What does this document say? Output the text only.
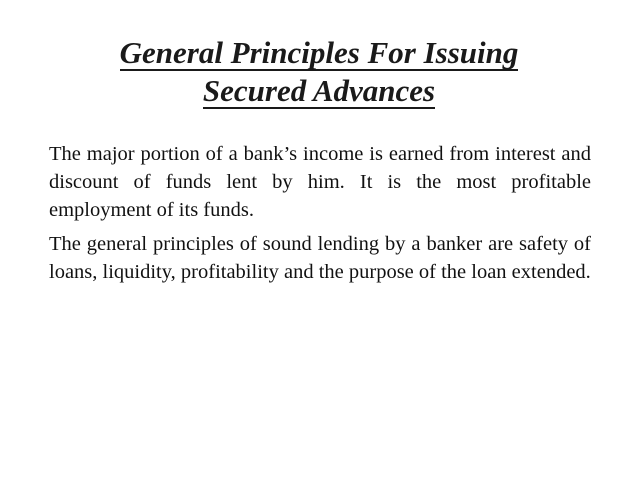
General Principles For Issuing
Secured Advances

The major portion of a bank’s income is earned from interest and discount of funds lent by him. It is the most profitable employment of its funds.

The general principles of sound lending by a banker are safety of loans, liquidity, profitability and the purpose of the loan extended.
